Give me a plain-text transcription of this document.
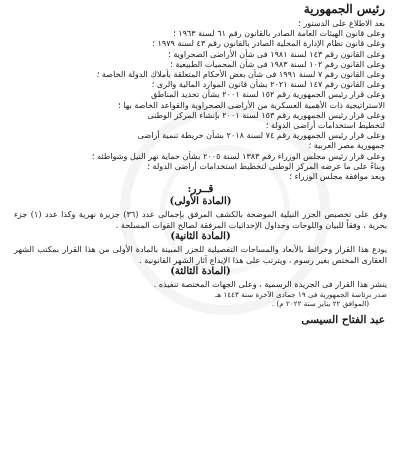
رئيس الجمهورية
بعد الاطلاع على الدستور ؛
وعلى قانون الهيئات العامة الصادر بالقانون رقم ٦١ لسنة ١٩٦٣ ؛
وعلى قانون نظام الإدارة المحلية الصادر بالقانون رقم ٤٣ لسنة ١٩٧٩ ؛
وعلى القانون رقم ١٤٣ لسنة ١٩٨١ فى شأن الأراضى الصحراوية ؛
وعلى القانون رقم ١٠٢ لسنة ١٩٨٣ فى شأن المحميات الطبيعية ؛
وعلى القانون رقم ٧ لسنة ١٩٩١ فى شأن بعض الأحكام المتعلقة بأملاك الدولة الخاصة ؛
وعلى القانون رقم ١٤٧ لسنة ٢٠٢١ بشأن قانون الموارد المالية والرى ؛
وعلى قرار رئيس الجمهورية رقم ١٥٢ لسنة ٢٠٠١ بشأن تحديد المناطق
الاستراتيجية ذات الأهمية العسكرية من الأراضى الصحراوية والقواعد الخاصة بها ؛
وعلى قرار رئيس الجمهورية رقم ١٥٣ لسنة ٢٠٠١ بإنشاء المركز الوطنى
لتخطيط استخدامات أراضى الدولة ؛
وعلى قرار رئيس الجمهورية رقم ٧٤ لسنة ٢٠١٨ بشأن خريطة تنمية أراضى
جمهورية مصر العربية ؛
وعلى قرار رئيس مجلس الوزراء رقم ١٣٨٣ لسنة ٢٠٠٥ بشأن حماية نهر النيل وشواطئه ؛
وبناءً على ما عرضه المركز الوطنى لتخطيط استخدامات أراضى الدولة ؛
وبعد موافقة مجلس الوزراء ؛
قــرر:
(المادة الأولى)

وفق على تخصيص الجزر النيلية الموضحة بالكشف المرفق بإجمالى عدد (٣٦) جزيرة نهرية وكذا عدد (١) جزء بحرية ، وفقاً للبيان واللوحات وجداول الإحداثيات المرفقة لصالح القوات المسلحة .

(المادة الثانية)

يودع هذا القرار وخرائط بالأبعاد والمساحات التفصيلية للجزر المبينة بالمادة الأولى من هذا القرار بمكتب الشهر العقارى المختص بغير رسوم ، ويترتب على هذا الإيداع آثار الشهر القانونية .

(المادة الثالثة)

ينشر هذا القرار فى الجريدة الرسمية ، وعلى الجهات المختصة تنفيذه .

صدر برئاسة الجمهورية فى ١٩ جمادى الآخرة سنة ١٤٤٣ هـ

(الموافق ٢٢ يناير سنة ٢٠٢٢ م) .

عبد الفتاح السيسى
